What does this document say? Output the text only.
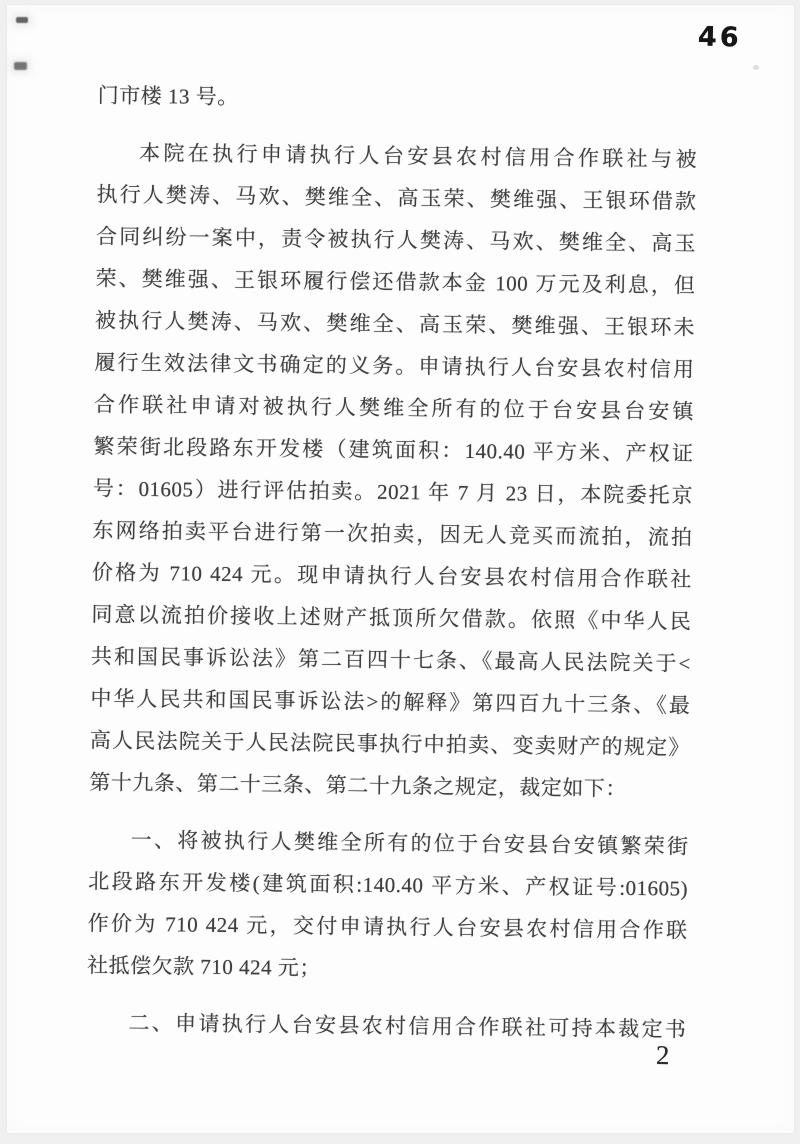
46
门市楼 13 号。
本院在执行申请执行人台安县农村信用合作联社与被
执行人樊涛、马欢、樊维全、高玉荣、樊维强、王银环借款
合同纠纷一案中，责令被执行人樊涛、马欢、樊维全、高玉
荣、樊维强、王银环履行偿还借款本金 100 万元及利息，但
被执行人樊涛、马欢、樊维全、高玉荣、樊维强、王银环未
履行生效法律文书确定的义务。申请执行人台安县农村信用
合作联社申请对被执行人樊维全所有的位于台安县台安镇
繁荣街北段路东开发楼（建筑面积：140.40 平方米、产权证
号：01605）进行评估拍卖。2021 年 7 月 23 日，本院委托京
东网络拍卖平台进行第一次拍卖，因无人竞买而流拍，流拍
价格为 710 424 元。现申请执行人台安县农村信用合作联社
同意以流拍价接收上述财产抵顶所欠借款。依照《中华人民
共和国民事诉讼法》第二百四十七条、《最高人民法院关于<
中华人民共和国民事诉讼法>的解释》第四百九十三条、《最
高人民法院关于人民法院民事执行中拍卖、变卖财产的规定》
第十九条、第二十三条、第二十九条之规定，裁定如下：
一、将被执行人樊维全所有的位于台安县台安镇繁荣街
北段路东开发楼(建筑面积:140.40 平方米、产权证号:01605)
作价为 710 424 元，交付申请执行人台安县农村信用合作联
社抵偿欠款 710 424 元；
二、申请执行人台安县农村信用合作联社可持本裁定书
2
